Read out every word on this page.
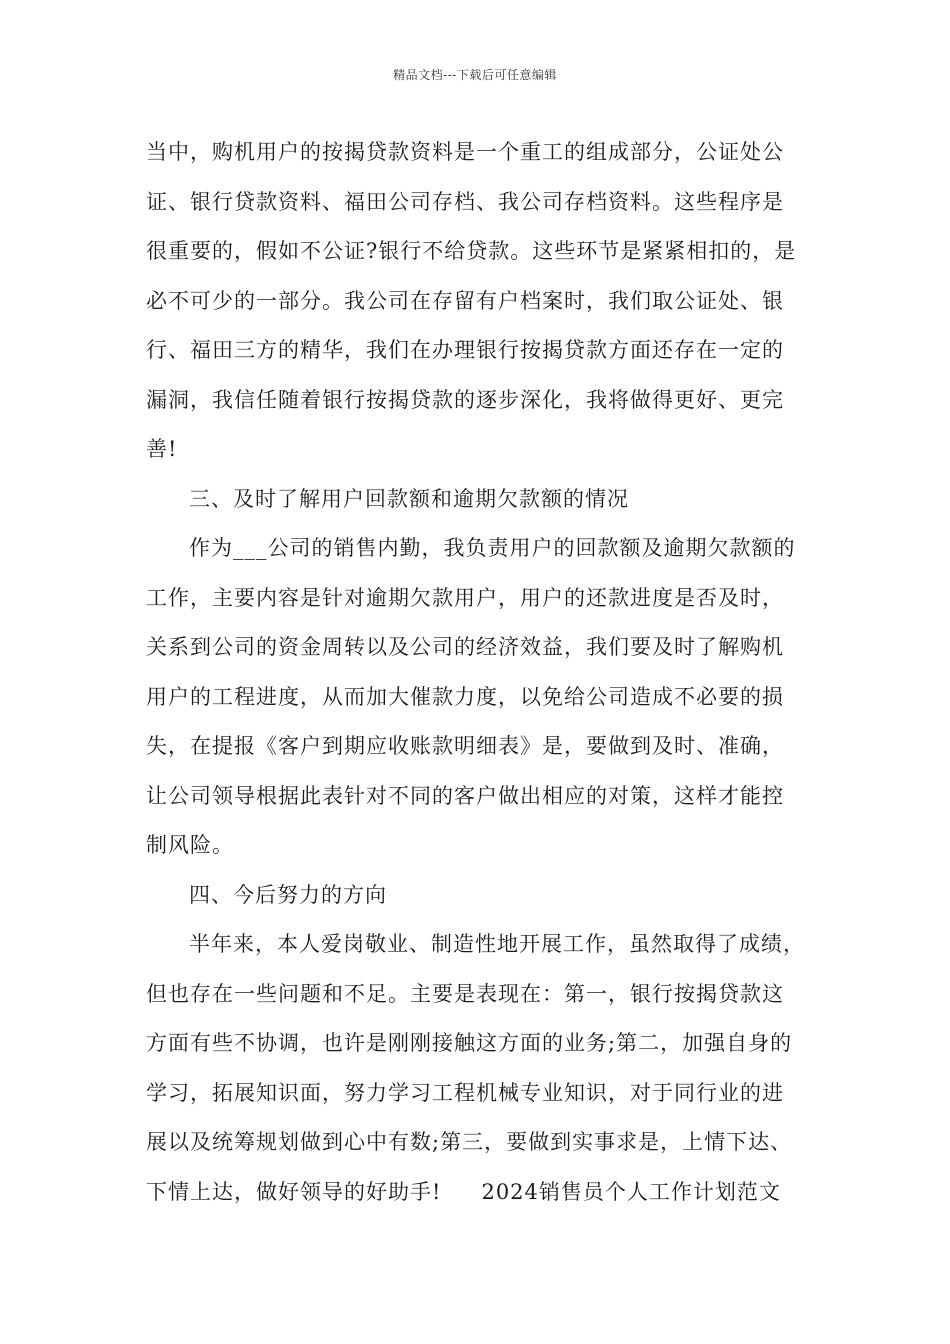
精品文档---下载后可任意编辑
当中，购机用户的按揭贷款资料是一个重工的组成部分，公证处公
证、银行贷款资料、福田公司存档、我公司存档资料。这些程序是
很重要的，假如不公证?银行不给贷款。这些环节是紧紧相扣的，是
必不可少的一部分。我公司在存留有户档案时，我们取公证处、银
行、福田三方的精华，我们在办理银行按揭贷款方面还存在一定的
漏洞，我信任随着银行按揭贷款的逐步深化，我将做得更好、更完
善!
三、及时了解用户回款额和逾期欠款额的情况
作为___公司的销售内勤，我负责用户的回款额及逾期欠款额的
工作，主要内容是针对逾期欠款用户，用户的还款进度是否及时，
关系到公司的资金周转以及公司的经济效益，我们要及时了解购机
用户的工程进度，从而加大催款力度，以免给公司造成不必要的损
失，在提报《客户到期应收账款明细表》是，要做到及时、准确，
让公司领导根据此表针对不同的客户做出相应的对策，这样才能控
制风险。
四、今后努力的方向
半年来，本人爱岗敬业、制造性地开展工作，虽然取得了成绩，
但也存在一些问题和不足。主要是表现在：第一，银行按揭贷款这
方面有些不协调，也许是刚刚接触这方面的业务;第二，加强自身的
学习，拓展知识面，努力学习工程机械专业知识，对于同行业的进
展以及统筹规划做到心中有数;第三，要做到实事求是，上情下达、
下情上达，做好领导的好助手! 2024销售员个人工作计划范文
